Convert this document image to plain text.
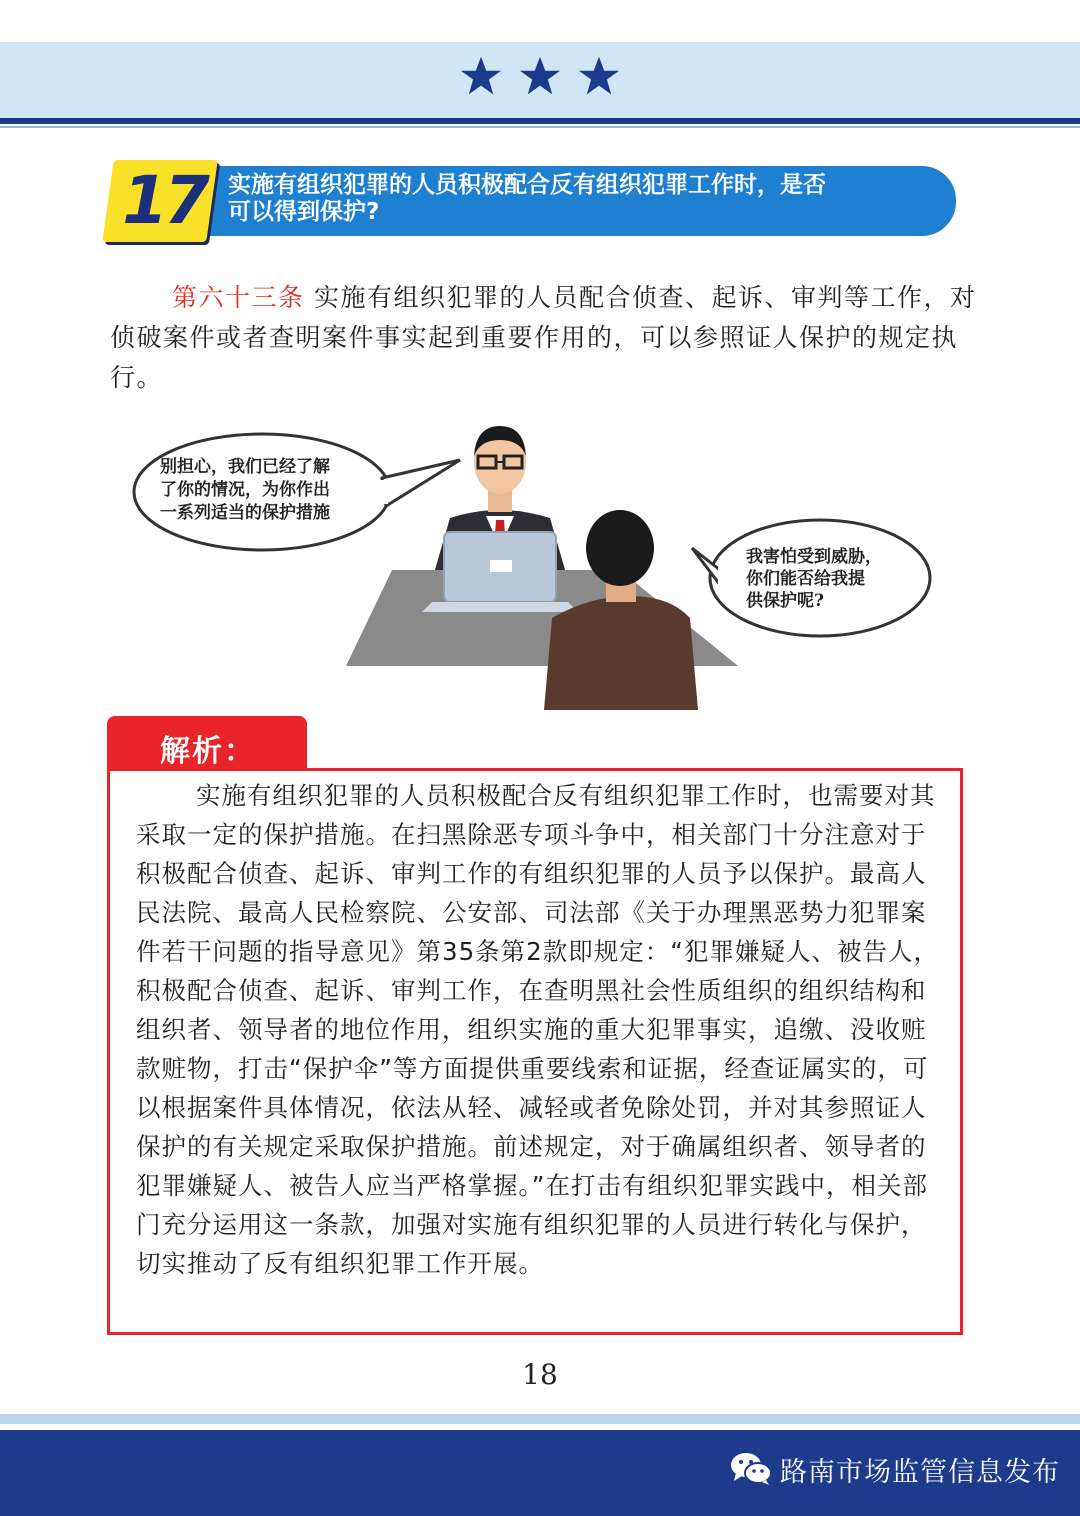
17 实施有组织犯罪的人员积极配合反有组织犯罪工作时，是否
可以得到保护?

第六十三条 实施有组织犯罪的人员配合侦查、起诉、审判等工作，对侦破案件或者查明案件事实起到重要作用的，可以参照证人保护的规定执行。

别担心，我们已经了解
了你的情况，为你作出
一系列适当的保护措施
我害怕受到威胁，
你们能否给我提
供保护呢?
解析：

实施有组织犯罪的人员积极配合反有组织犯罪工作时，也需要对其采取一定的保护措施。在扫黑除恶专项斗争中，相关部门十分注意对于积极配合侦查、起诉、审判工作的有组织犯罪的人员予以保护。最高人民法院、最高人民检察院、公安部、司法部《关于办理黑恶势力犯罪案件若干问题的指导意见》第35条第2款即规定：“犯罪嫌疑人、被告人，积极配合侦查、起诉、审判工作，在查明黑社会性质组织的组织结构和组织者、领导者的地位作用，组织实施的重大犯罪事实，追缴、没收赃款赃物，打击“保护伞”等方面提供重要线索和证据，经查证属实的，可以根据案件具体情况，依法从轻、减轻或者免除处罚，并对其参照证人保护的有关规定采取保护措施。前述规定，对于确属组织者、领导者的犯罪嫌疑人、被告人应当严格掌握。”在打击有组织犯罪实践中，相关部门充分运用这一条款，加强对实施有组织犯罪的人员进行转化与保护，切实推动了反有组织犯罪工作开展。

18
路南市场监管信息发布
